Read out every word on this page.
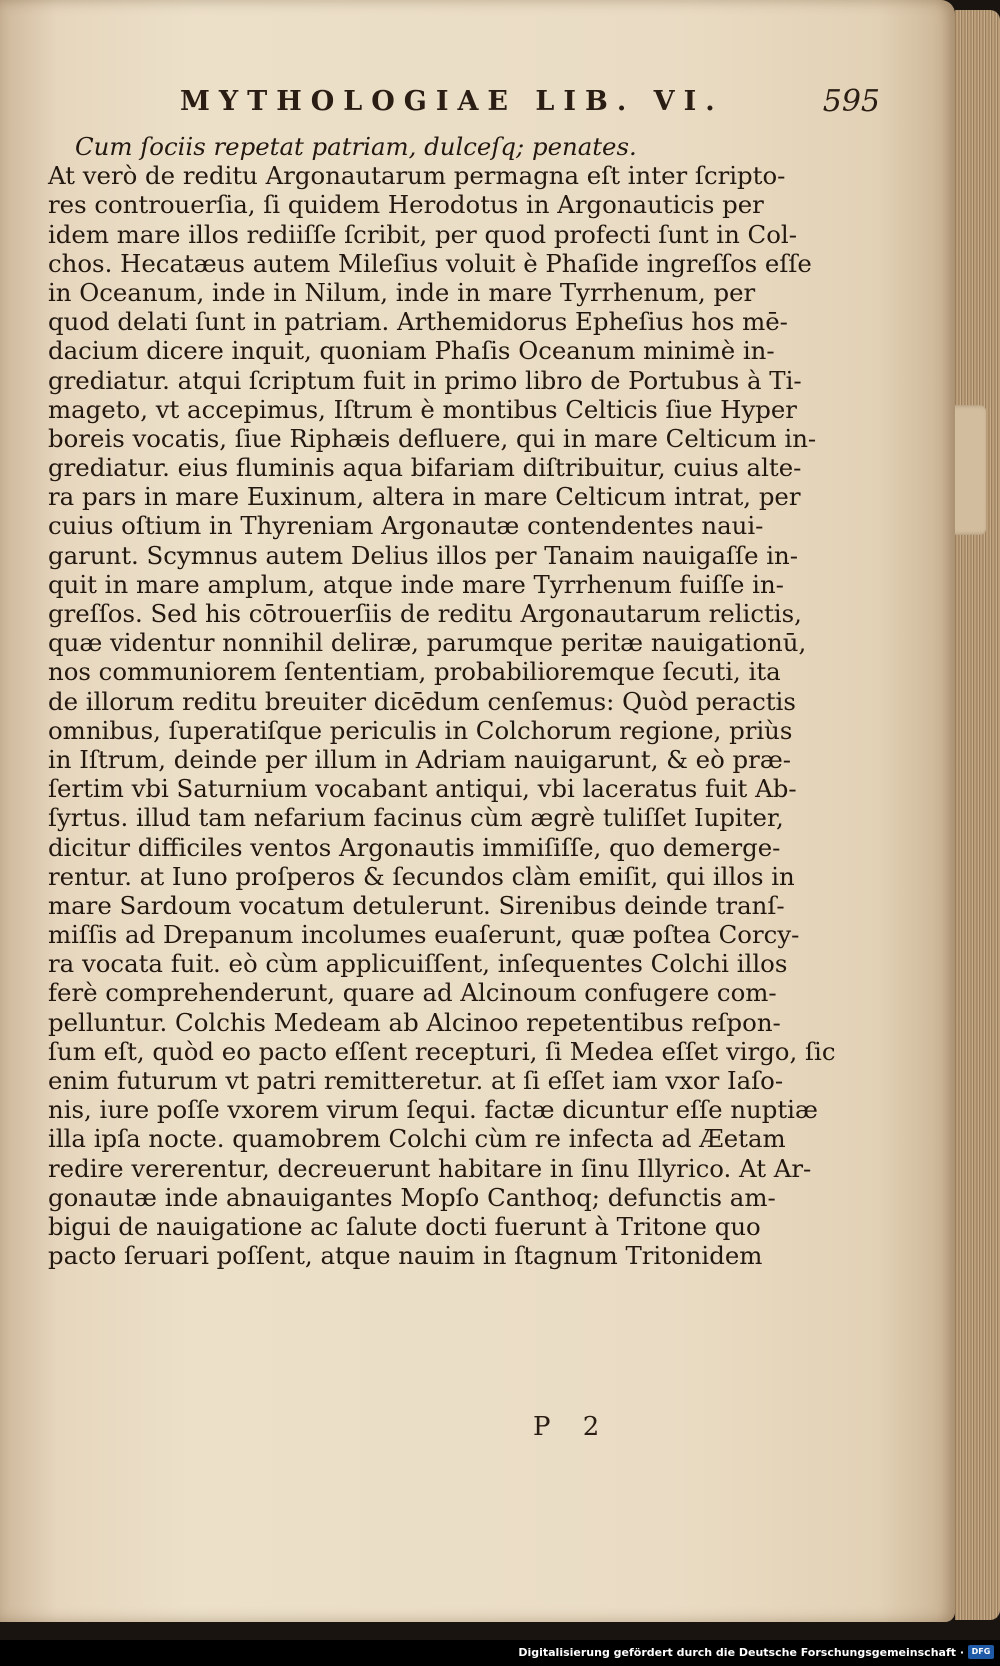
MYTHOLOGIAE LIB. VI.	595
Cum ſociis repetat patriam, dulceſq; penates.
At verò de reditu Argonautarum permagna eſt inter ſcripto-
res controuerſia, ſi quidem Herodotus in Argonauticis per
idem mare illos rediiſſe ſcribit, per quod profecti ſunt in Col-
chos. Hecatæus autem Mileſius voluit è Phaſide ingreſſos eſſe
in Oceanum, inde in Nilum, inde in mare Tyrrhenum, per
quod delati ſunt in patriam. Arthemidorus Epheſius hos mē-
dacium dicere inquit, quoniam Phaſis Oceanum minimè in-
grediatur. atqui ſcriptum fuit in primo libro de Portubus à Ti-
mageto, vt accepimus, Iſtrum è montibus Celticis ſiue Hyper
boreis vocatis, ſiue Riphæis defluere, qui in mare Celticum in-
grediatur. eius fluminis aqua bifariam diſtribuitur, cuius alte-
ra pars in mare Euxinum, altera in mare Celticum intrat, per
cuius oſtium in Thyreniam Argonautæ contendentes naui-
garunt. Scymnus autem Delius illos per Tanaim nauigaſſe in-
quit in mare amplum, atque inde mare Tyrrhenum fuiſſe in-
greſſos. Sed his cōtrouerſiis de reditu Argonautarum relictis,
quæ videntur nonnihil deliræ, parumque peritæ nauigationū,
nos communiorem ſententiam, probabilioremque ſecuti, ita
de illorum reditu breuiter dicēdum cenſemus: Quòd peractis
omnibus, ſuperatiſque periculis in Colchorum regione, priùs
in Iſtrum, deinde per illum in Adriam nauigarunt, & eò præ-
ſertim vbi Saturnium vocabant antiqui, vbi laceratus fuit Ab-
ſyrtus. illud tam nefarium facinus cùm ægrè tuliſſet Iupiter,
dicitur difficiles ventos Argonautis immiſiſſe, quo demerge-
rentur. at Iuno proſperos & ſecundos clàm emiſit, qui illos in
mare Sardoum vocatum detulerunt. Sirenibus deinde tranſ-
miſſis ad Drepanum incolumes euaſerunt, quæ poſtea Corcy-
ra vocata fuit. eò cùm applicuiſſent, inſequentes Colchi illos
ferè comprehenderunt, quare ad Alcinoum confugere com-
pelluntur. Colchis Medeam ab Alcinoo repetentibus reſpon-
ſum eſt, quòd eo pacto eſſent recepturi, ſi Medea eſſet virgo, ſic
enim futurum vt patri remitteretur. at ſi eſſet iam vxor Iaſo-
nis, iure poſſe vxorem virum ſequi. factæ dicuntur eſſe nuptiæ
illa ipſa nocte. quamobrem Colchi cùm re infecta ad Æetam
redire vererentur, decreuerunt habitare in ſinu Illyrico. At Ar-
gonautæ inde abnauigantes Mopſo Canthoq; defunctis am-
bigui de nauigatione ac ſalute docti fuerunt à Tritone quo
pacto ſeruari poſſent, atque nauim in ſtagnum Tritonidem
P 2
Digitalisierung gefördert durch die Deutsche Forschungsgemeinschaft · DFG
